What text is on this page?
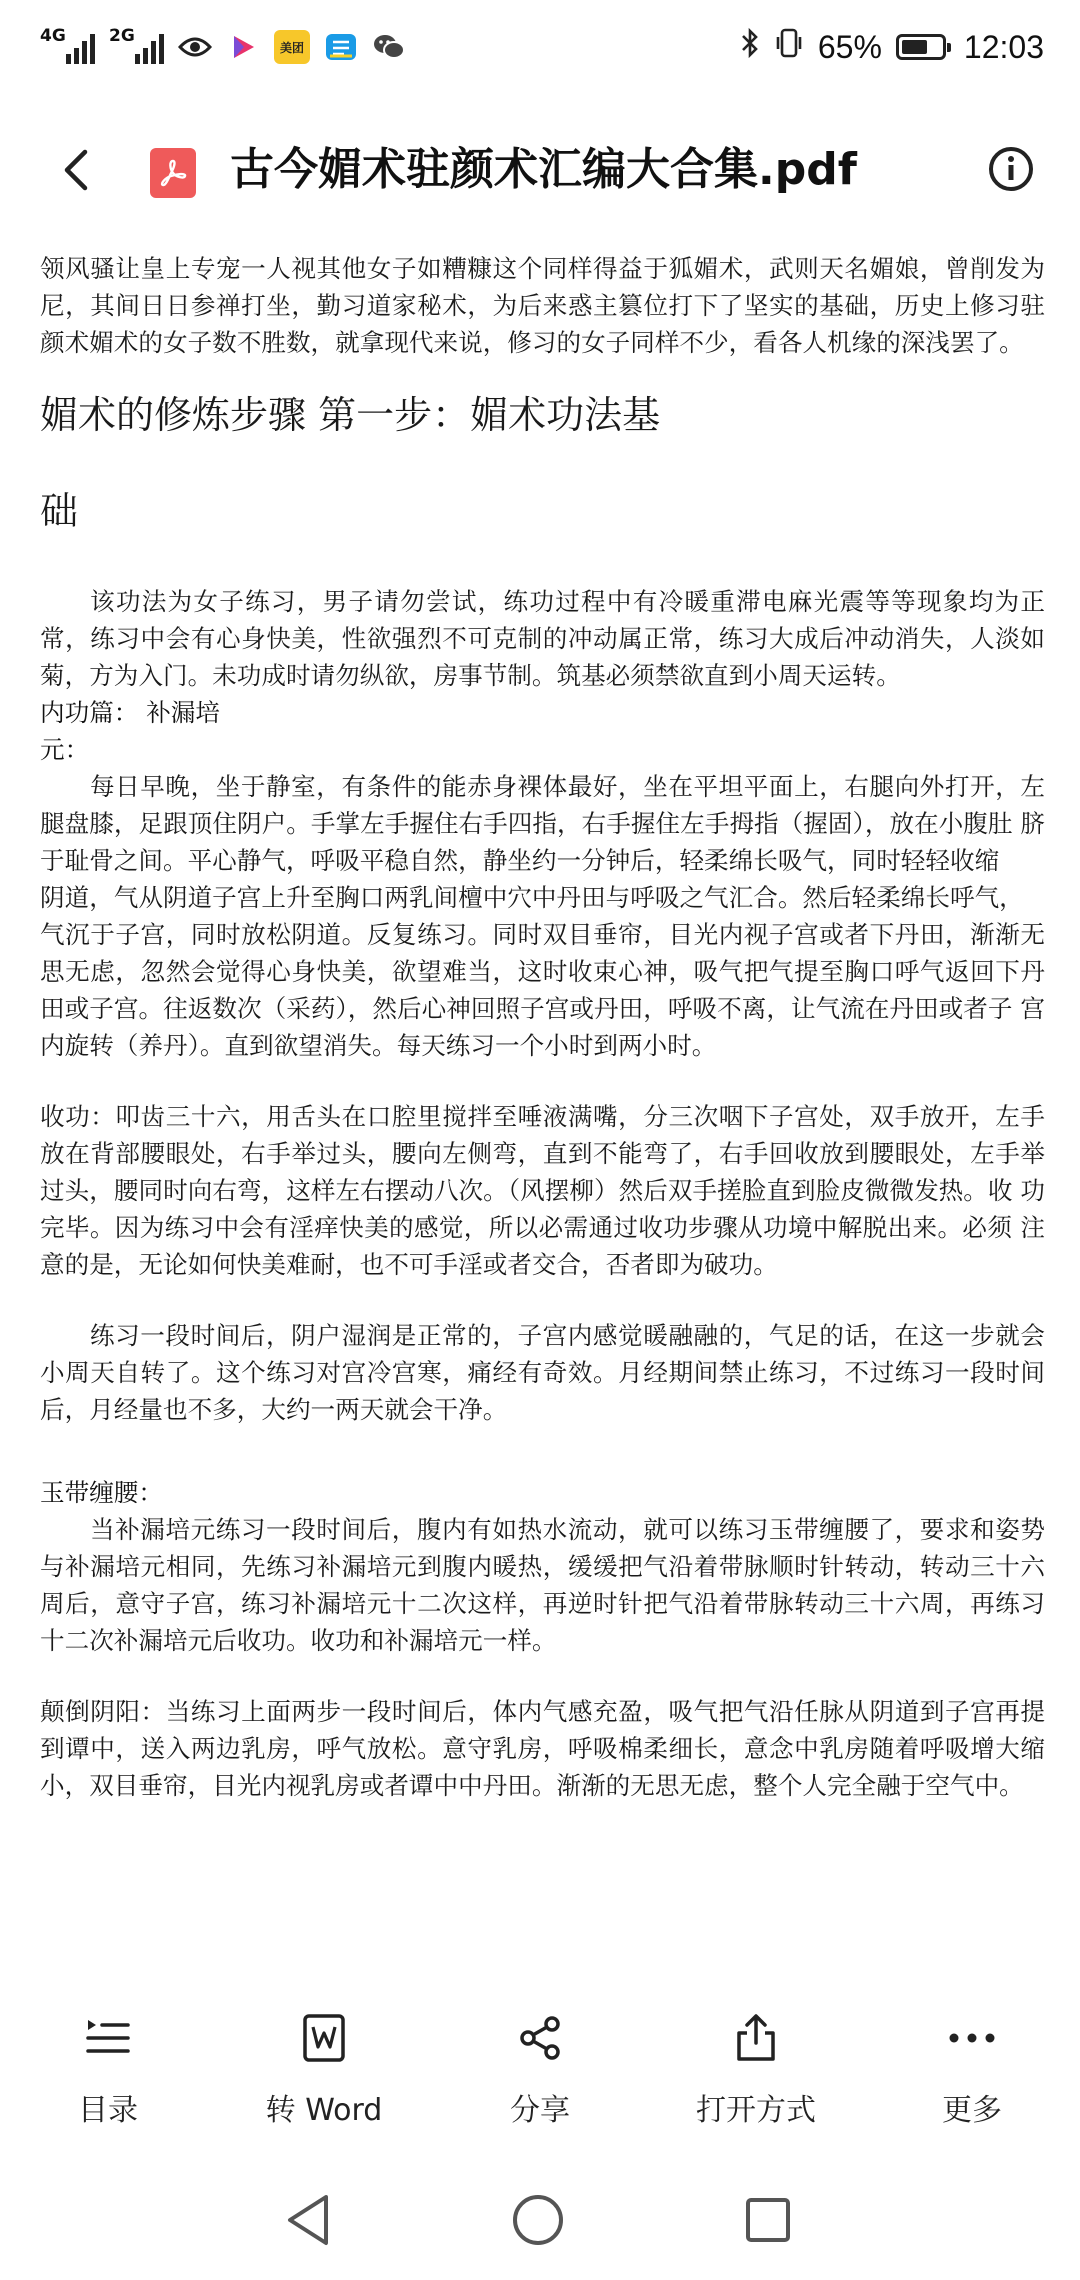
4G	2G
美团	65%	12:03
古今媚术驻颜术汇编大合集.pdf

领风骚让皇上专宠一人视其他女子如糟糠这个同样得益于狐媚术，武则天名媚娘，曾削发为尼，其间日日参禅打坐，勤习道家秘术，为后来惑主篡位打下了坚实的基础，历史上修习驻 颜术媚术的女子数不胜数，就拿现代来说，修习的女子同样不少，看各人机缘的深浅罢了。

媚术的修炼步骤 第一步：媚术功法基

础

该功法为女子练习，男子请勿尝试，练功过程中有冷暖重滞电麻光震等等现象均为正常，练习中会有心身快美，性欲强烈不可克制的冲动属正常，练习大成后冲动消失，人淡如菊，方为入门。未功成时请勿纵欲，房事节制。筑基必须禁欲直到小周天运转。

内功篇： 补漏培

元：

每日早晚，坐于静室，有条件的能赤身裸体最好，坐在平坦平面上，右腿向外打开，左 腿盘膝，足跟顶住阴户。手掌左手握住右手四指，右手握住左手拇指（握固），放在小腹肚 脐于耻骨之间。平心静气，呼吸平稳自然，静坐约一分钟后，轻柔绵长吸气，同时轻轻收缩

阴道，气从阴道子宫上升至胸口两乳间檀中穴中丹田与呼吸之气汇合。然后轻柔绵长呼气，

气沉于子宫，同时放松阴道。反复练习。同时双目垂帘，目光内视子宫或者下丹田，渐渐无 思无虑，忽然会觉得心身快美，欲望难当，这时收束心神，吸气把气提至胸口呼气返回下丹 田或子宫。往返数次（采药），然后心神回照子宫或丹田，呼吸不离，让气流在丹田或者子 宫内旋转（养丹）。直到欲望消失。每天练习一个小时到两小时。

收功：叩齿三十六，用舌头在口腔里搅拌至唾液满嘴，分三次咽下子宫处，双手放开，左手 放在背部腰眼处，右手举过头，腰向左侧弯，直到不能弯了，右手回收放到腰眼处，左手举 过头，腰同时向右弯，这样左右摆动八次。（风摆柳）然后双手搓脸直到脸皮微微发热。收 功完毕。因为练习中会有淫痒快美的感觉，所以必需通过收功步骤从功境中解脱出来。必须 注意的是，无论如何快美难耐，也不可手淫或者交合，否者即为破功。

练习一段时间后，阴户湿润是正常的，子宫内感觉暖融融的，气足的话，在这一步就会 小周天自转了。这个练习对宫冷宫寒，痛经有奇效。月经期间禁止练习，不过练习一段时间 后，月经量也不多，大约一两天就会干净。

玉带缠腰：

当补漏培元练习一段时间后，腹内有如热水流动，就可以练习玉带缠腰了，要求和姿势 与补漏培元相同，先练习补漏培元到腹内暖热，缓缓把气沿着带脉顺时针转动，转动三十六 周后，意守子宫，练习补漏培元十二次这样，再逆时针把气沿着带脉转动三十六周，再练习 十二次补漏培元后收功。收功和补漏培元一样。

颠倒阴阳：当练习上面两步一段时间后，体内气感充盈，吸气把气沿任脉从阴道到子宫再提 到谭中，送入两边乳房，呼气放松。意守乳房，呼吸棉柔细长，意念中乳房随着呼吸增大缩 小，双目垂帘，目光内视乳房或者谭中中丹田。渐渐的无思无虑，整个人完全融于空气中。

目录	转 Word	分享	打开方式	更多
